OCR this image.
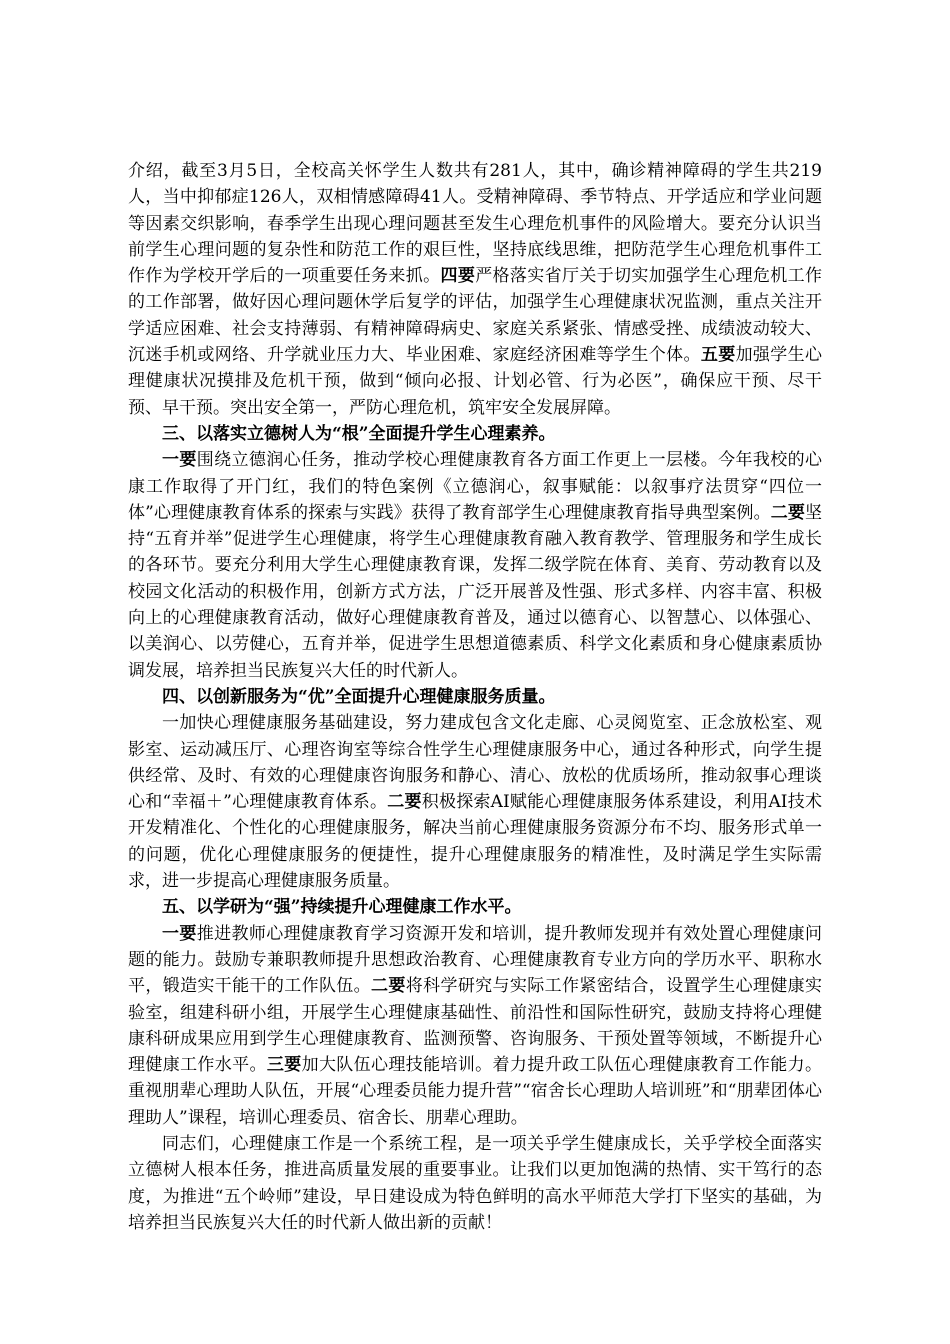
介绍，截至3月5日，全校高关怀学生人数共有281人，其中，确诊精神障碍的学生共219人，当中抑郁症126人，双相情感障碍41人。受精神障碍、季节特点、开学适应和学业问题等因素交织影响，春季学生出现心理问题甚至发生心理危机事件的风险增大。要充分认识当前学生心理问题的复杂性和防范工作的艰巨性，坚持底线思维，把防范学生心理危机事件工作作为学校开学后的一项重要任务来抓。四要严格落实省厅关于切实加强学生心理危机工作的工作部署，做好因心理问题休学后复学的评估，加强学生心理健康状况监测，重点关注开学适应困难、社会支持薄弱、有精神障碍病史、家庭关系紧张、情感受挫、成绩波动较大、沉迷手机或网络、升学就业压力大、毕业困难、家庭经济困难等学生个体。五要加强学生心理健康状况摸排及危机干预，做到“倾向必报、计划必管、行为必医”，确保应干预、尽干预、早干预。突出安全第一，严防心理危机，筑牢安全发展屏障。

三、以落实立德树人为“根”全面提升学生心理素养。

一要围绕立德润心任务，推动学校心理健康教育各方面工作更上一层楼。今年我校的心康工作取得了开门红，我们的特色案例《立德润心，叙事赋能：以叙事疗法贯穿“四位一体”心理健康教育体系的探索与实践》获得了教育部学生心理健康教育指导典型案例。二要坚持“五育并举”促进学生心理健康，将学生心理健康教育融入教育教学、管理服务和学生成长的各环节。要充分利用大学生心理健康教育课，发挥二级学院在体育、美育、劳动教育以及校园文化活动的积极作用，创新方式方法，广泛开展普及性强、形式多样、内容丰富、积极向上的心理健康教育活动，做好心理健康教育普及，通过以德育心、以智慧心、以体强心、以美润心、以劳健心，五育并举，促进学生思想道德素质、科学文化素质和身心健康素质协调发展，培养担当民族复兴大任的时代新人。

四、以创新服务为“优”全面提升心理健康服务质量。

一加快心理健康服务基础建设，努力建成包含文化走廊、心灵阅览室、正念放松室、观影室、运动减压厅、心理咨询室等综合性学生心理健康服务中心，通过各种形式，向学生提供经常、及时、有效的心理健康咨询服务和静心、清心、放松的优质场所，推动叙事心理谈心和“幸福＋”心理健康教育体系。二要积极探索AI赋能心理健康服务体系建设，利用AI技术开发精准化、个性化的心理健康服务，解决当前心理健康服务资源分布不均、服务形式单一的问题，优化心理健康服务的便捷性，提升心理健康服务的精准性，及时满足学生实际需求，进一步提高心理健康服务质量。

五、以学研为“强”持续提升心理健康工作水平。

一要推进教师心理健康教育学习资源开发和培训，提升教师发现并有效处置心理健康问题的能力。鼓励专兼职教师提升思想政治教育、心理健康教育专业方向的学历水平、职称水平，锻造实干能干的工作队伍。二要将科学研究与实际工作紧密结合，设置学生心理健康实验室，组建科研小组，开展学生心理健康基础性、前沿性和国际性研究，鼓励支持将心理健康科研成果应用到学生心理健康教育、监测预警、咨询服务、干预处置等领域，不断提升心理健康工作水平。三要加大队伍心理技能培训。着力提升政工队伍心理健康教育工作能力。重视朋辈心理助人队伍，开展“心理委员能力提升营”“宿舍长心理助人培训班”和“朋辈团体心理助人”课程，培训心理委员、宿舍长、朋辈心理助。

同志们，心理健康工作是一个系统工程，是一项关乎学生健康成长，关乎学校全面落实立德树人根本任务，推进高质量发展的重要事业。让我们以更加饱满的热情、实干笃行的态度，为推进“五个岭师”建设，早日建设成为特色鲜明的高水平师范大学打下坚实的基础，为培养担当民族复兴大任的时代新人做出新的贡献！
